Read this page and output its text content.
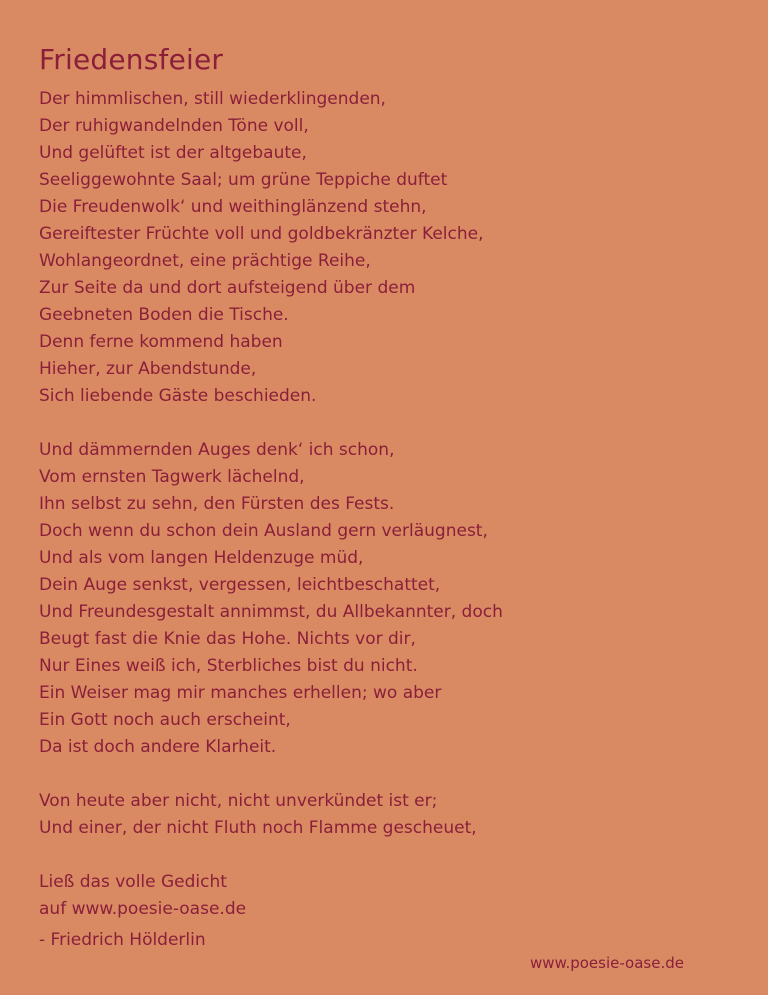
Friedensfeier
Der himmlischen, still wiederklingenden,
Der ruhigwandelnden Töne voll,
Und gelüftet ist der altgebaute,
Seeliggewohnte Saal; um grüne Teppiche duftet
Die Freudenwolk‘ und weithinglänzend stehn,
Gereiftester Früchte voll und goldbekränzter Kelche,
Wohlangeordnet, eine prächtige Reihe,
Zur Seite da und dort aufsteigend über dem
Geebneten Boden die Tische.
Denn ferne kommend haben
Hieher, zur Abendstunde,
Sich liebende Gäste beschieden.
Und dämmernden Auges denk‘ ich schon,
Vom ernsten Tagwerk lächelnd,
Ihn selbst zu sehn, den Fürsten des Fests.
Doch wenn du schon dein Ausland gern verläugnest,
Und als vom langen Heldenzuge müd,
Dein Auge senkst, vergessen, leichtbeschattet,
Und Freundesgestalt annimmst, du Allbekannter, doch
Beugt fast die Knie das Hohe. Nichts vor dir,
Nur Eines weiß ich, Sterbliches bist du nicht.
Ein Weiser mag mir manches erhellen; wo aber
Ein Gott noch auch erscheint,
Da ist doch andere Klarheit.
Von heute aber nicht, nicht unverkündet ist er;
Und einer, der nicht Fluth noch Flamme gescheuet,
Ließ das volle Gedicht
auf www.poesie-oase.de
- Friedrich Hölderlin
www.poesie-oase.de
